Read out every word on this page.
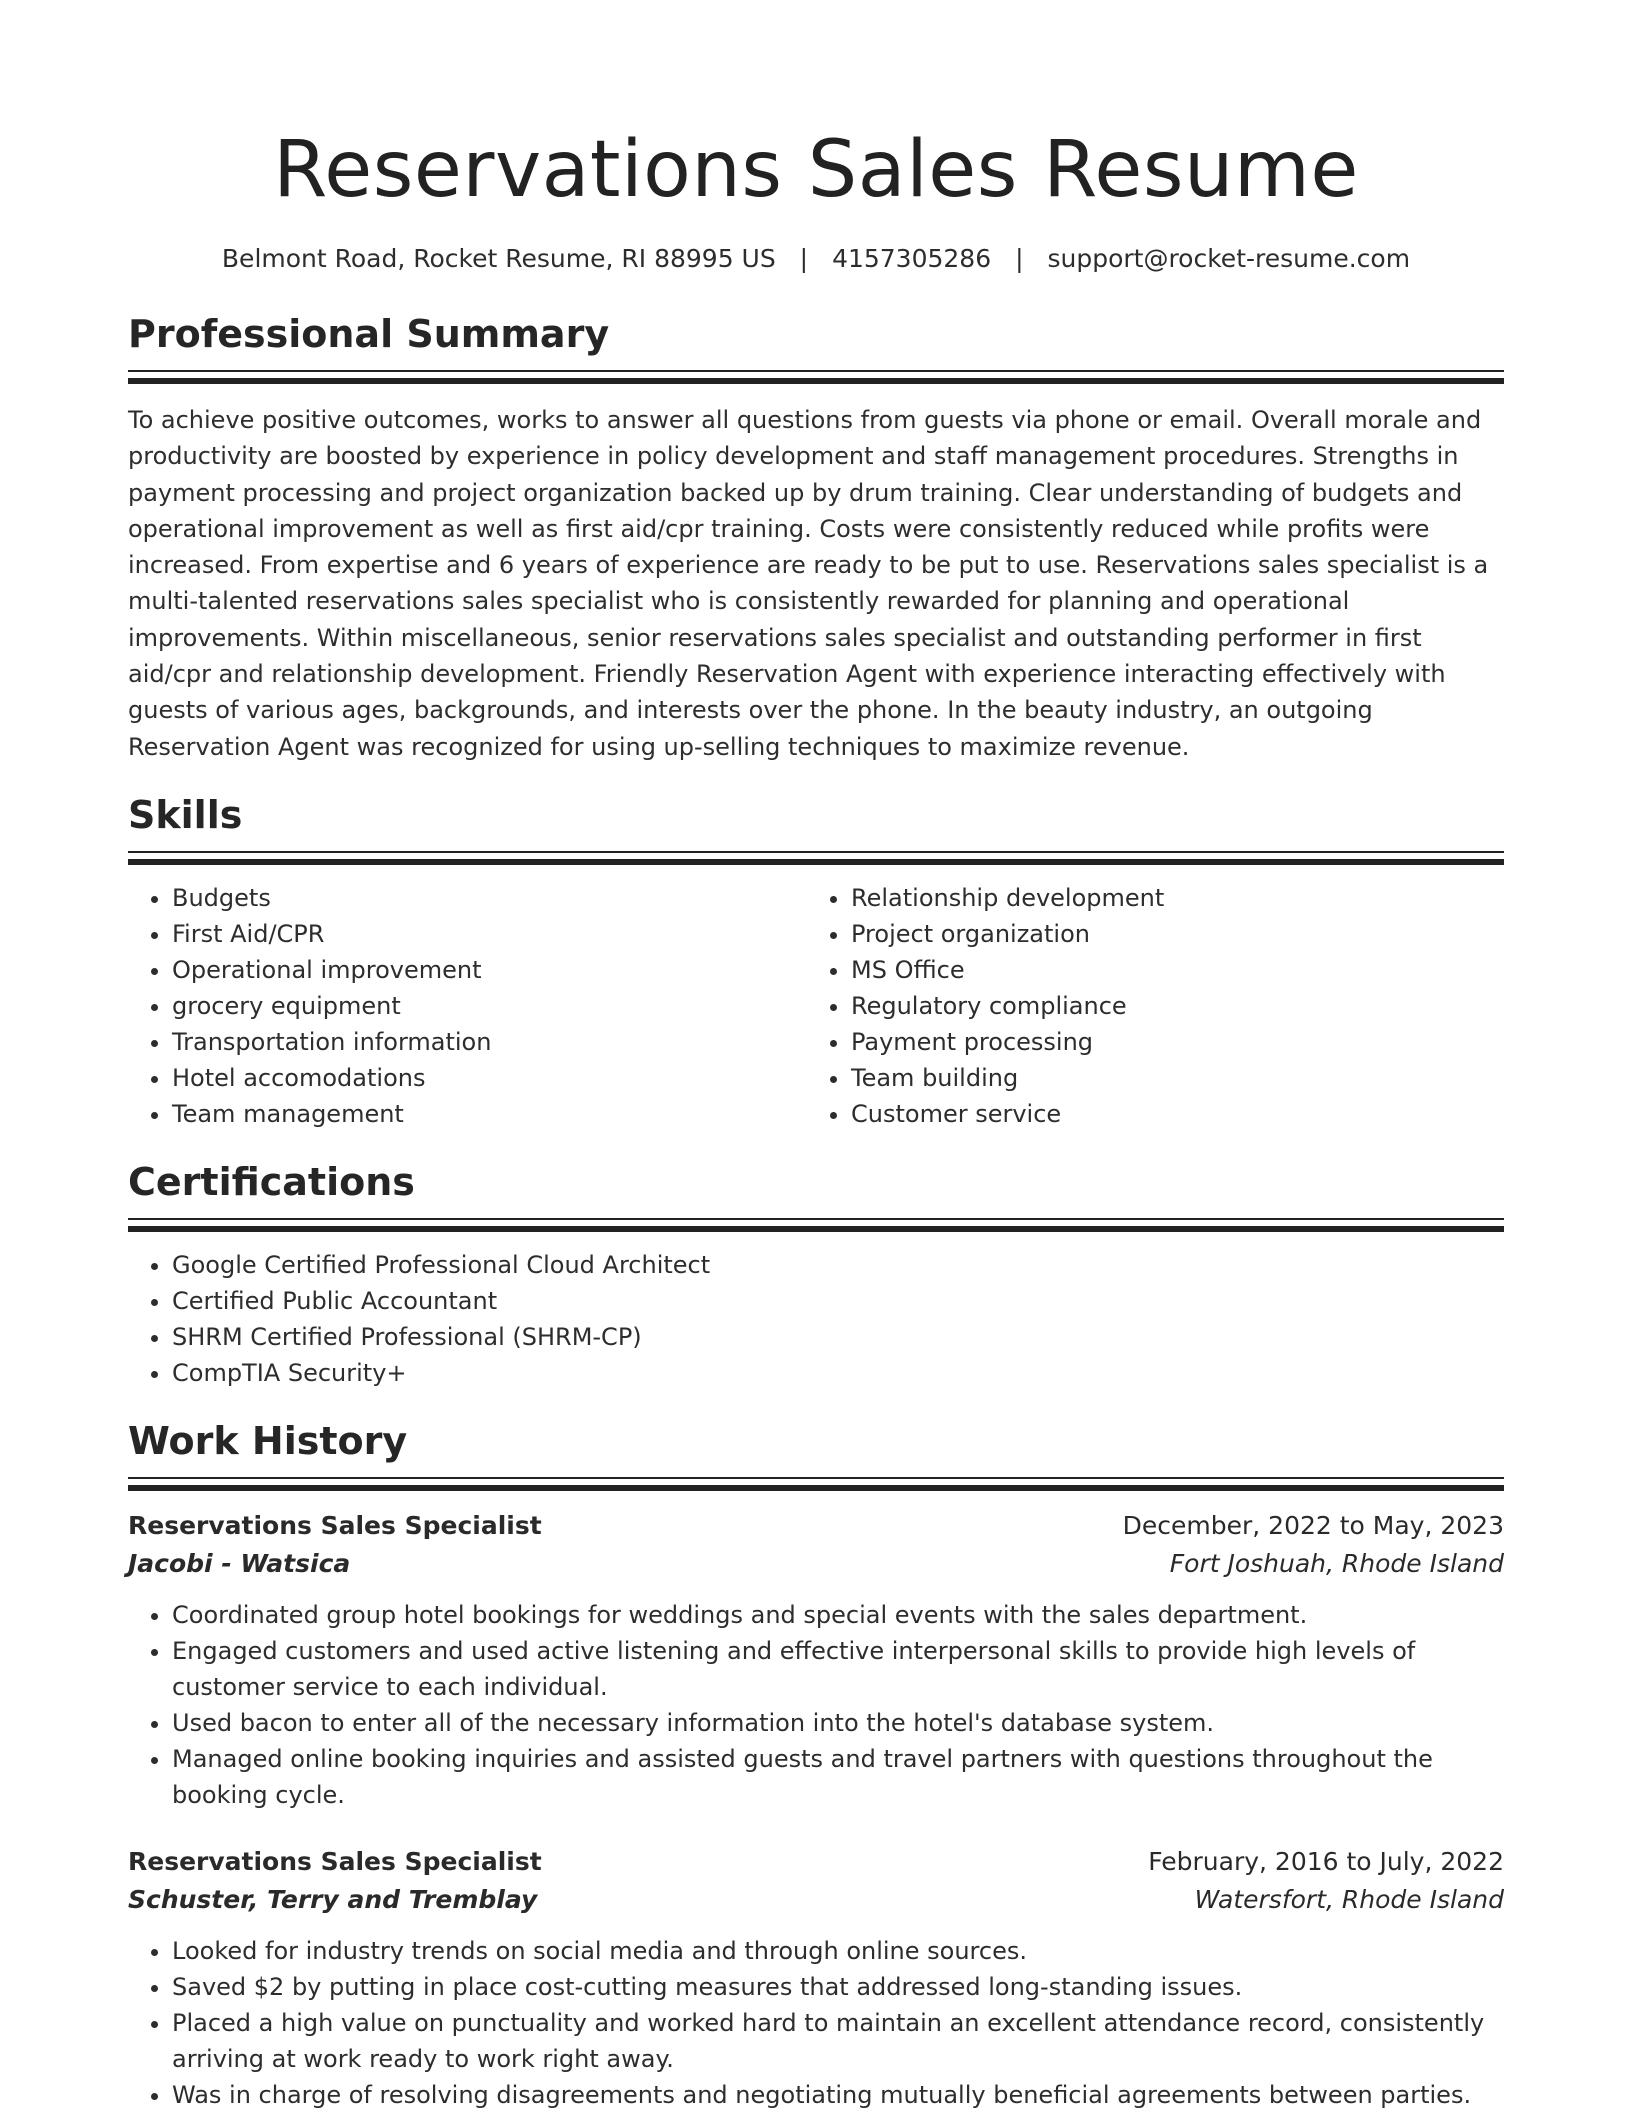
Reservations Sales Resume
Belmont Road, Rocket Resume, RI 88995 US | 4157305286 | support@rocket-resume.com
Professional Summary
To achieve positive outcomes, works to answer all questions from guests via phone or email. Overall morale and productivity are boosted by experience in policy development and staff management procedures. Strengths in payment processing and project organization backed up by drum training. Clear understanding of budgets and operational improvement as well as first aid/cpr training. Costs were consistently reduced while profits were increased. From expertise and 6 years of experience are ready to be put to use. Reservations sales specialist is a multi-talented reservations sales specialist who is consistently rewarded for planning and operational improvements. Within miscellaneous, senior reservations sales specialist and outstanding performer in first aid/cpr and relationship development. Friendly Reservation Agent with experience interacting effectively with guests of various ages, backgrounds, and interests over the phone. In the beauty industry, an outgoing Reservation Agent was recognized for using up-selling techniques to maximize revenue.
Skills
• Budgets
• First Aid/CPR
• Operational improvement
• grocery equipment
• Transportation information
• Hotel accomodations
• Team management
• Relationship development
• Project organization
• MS Office
• Regulatory compliance
• Payment processing
• Team building
• Customer service
Certifications
• Google Certified Professional Cloud Architect
• Certified Public Accountant
• SHRM Certified Professional (SHRM-CP)
• CompTIA Security+
Work History
Reservations Sales Specialist	December, 2022 to May, 2023
Jacobi - Watsica	Fort Joshuah, Rhode Island
• Coordinated group hotel bookings for weddings and special events with the sales department.
• Engaged customers and used active listening and effective interpersonal skills to provide high levels of customer service to each individual.
• Used bacon to enter all of the necessary information into the hotel's database system.
• Managed online booking inquiries and assisted guests and travel partners with questions throughout the booking cycle.
Reservations Sales Specialist	February, 2016 to July, 2022
Schuster, Terry and Tremblay	Watersfort, Rhode Island
• Looked for industry trends on social media and through online sources.
• Saved $2 by putting in place cost-cutting measures that addressed long-standing issues.
• Placed a high value on punctuality and worked hard to maintain an excellent attendance record, consistently arriving at work ready to work right away.
• Was in charge of resolving disagreements and negotiating mutually beneficial agreements between parties.
